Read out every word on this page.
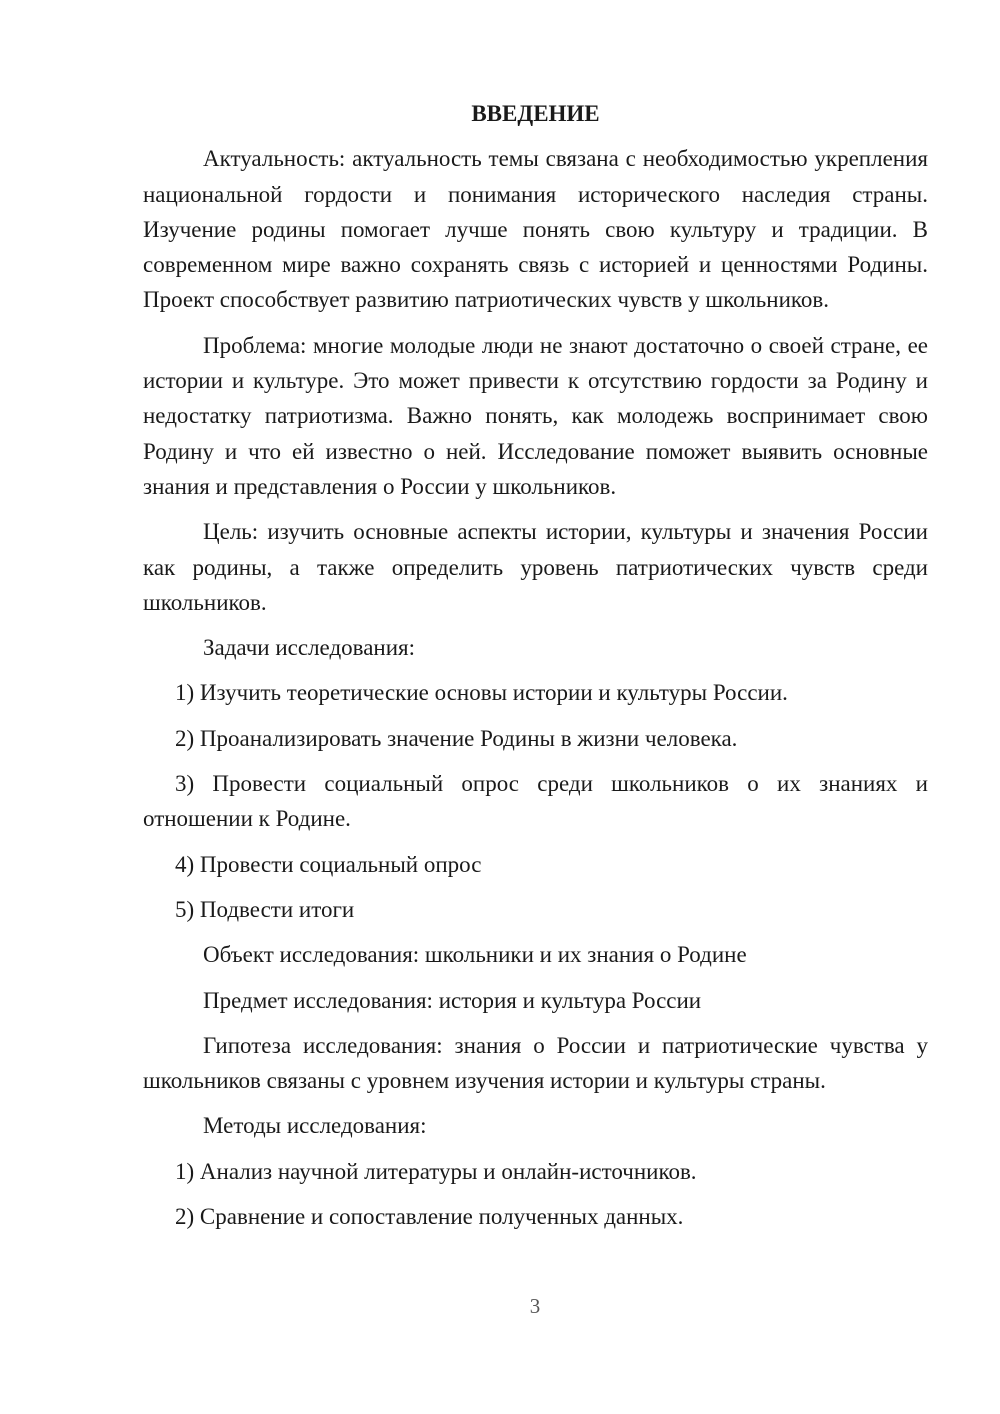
ВВЕДЕНИЕ

Актуальность: актуальность темы связана с необходимостью укрепления национальной гордости и понимания исторического наследия страны. Изучение родины помогает лучше понять свою культуру и традиции. В современном мире важно сохранять связь с историей и ценностями Родины. Проект способствует развитию патриотических чувств у школьников.

Проблема: многие молодые люди не знают достаточно о своей стране, ее истории и культуре. Это может привести к отсутствию гордости за Родину и недостатку патриотизма. Важно понять, как молодежь воспринимает свою Родину и что ей известно о ней. Исследование поможет выявить основные знания и представления о России у школьников.

Цель: изучить основные аспекты истории, культуры и значения России как родины, а также определить уровень патриотических чувств среди школьников.

Задачи исследования:

1) Изучить теоретические основы истории и культуры России.

2) Проанализировать значение Родины в жизни человека.

3) Провести социальный опрос среди школьников о их знаниях и отношении к Родине.

4) Провести социальный опрос

5) Подвести итоги

Объект исследования: школьники и их знания о Родине

Предмет исследования: история и культура России

Гипотеза исследования: знания о России и патриотические чувства у школьников связаны с уровнем изучения истории и культуры страны.

Методы исследования:

1) Анализ научной литературы и онлайн-источников.

2) Сравнение и сопоставление полученных данных.

3
